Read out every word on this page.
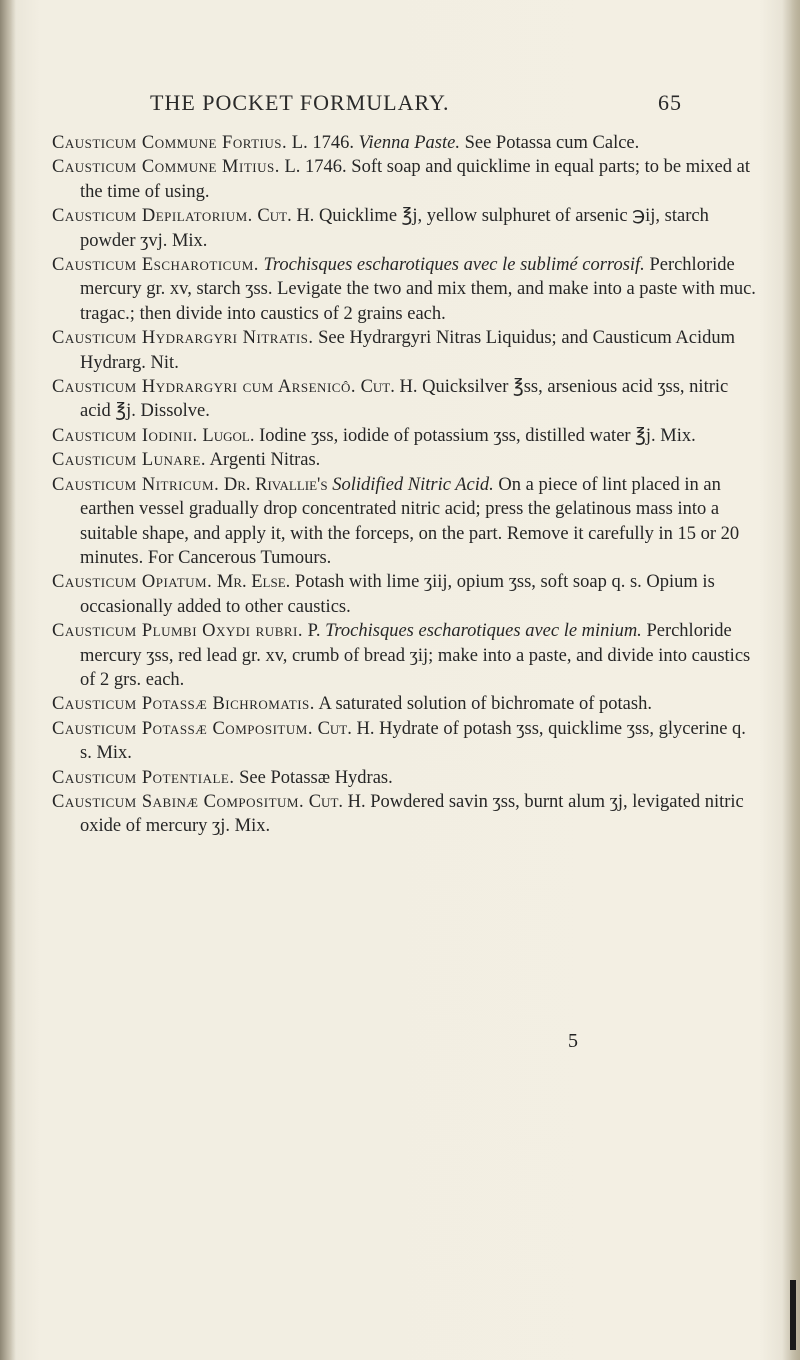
THE POCKET FORMULARY.	65

Causticum Commune Fortius. L. 1746. Vienna Paste. See Potassa cum Calce.

Causticum Commune Mitius. L. 1746. Soft soap and quicklime in equal parts; to be mixed at the time of using.

Causticum Depilatorium. Cut. H. Quicklime ℥j, yellow sulphuret of arsenic ℈ij, starch powder ʒvj. Mix.

Causticum Escharoticum. Trochisques escharotiques avec le sublimé corrosif. Perchloride mercury gr. xv, starch ʒss. Levigate the two and mix them, and make into a paste with muc. tragac.; then divide into caustics of 2 grains each.

Causticum Hydrargyri Nitratis. See Hydrargyri Nitras Liquidus; and Causticum Acidum Hydrarg. Nit.

Causticum Hydrargyri cum Arsenicô. Cut. H. Quicksilver ℥ss, arsenious acid ʒss, nitric acid ℥j. Dissolve.

Causticum Iodinii. Lugol. Iodine ʒss, iodide of potassium ʒss, distilled water ℥j. Mix.

Causticum Lunare. Argenti Nitras.

Causticum Nitricum. Dr. Rivallie's Solidified Nitric Acid. On a piece of lint placed in an earthen vessel gradually drop concentrated nitric acid; press the gelatinous mass into a suitable shape, and apply it, with the forceps, on the part. Remove it carefully in 15 or 20 minutes. For Cancerous Tumours.

Causticum Opiatum. Mr. Else. Potash with lime ʒiij, opium ʒss, soft soap q. s. Opium is occasionally added to other caustics.

Causticum Plumbi Oxydi rubri. P. Trochisques escharotiques avec le minium. Perchloride mercury ʒss, red lead gr. xv, crumb of bread ʒij; make into a paste, and divide into caustics of 2 grs. each.

Causticum Potassæ Bichromatis. A saturated solution of bichromate of potash.

Causticum Potassæ Compositum. Cut. H. Hydrate of potash ʒss, quicklime ʒss, glycerine q. s. Mix.

Causticum Potentiale. See Potassæ Hydras.

Causticum Sabinæ Compositum. Cut. H. Powdered savin ʒss, burnt alum ʒj, levigated nitric oxide of mercury ʒj. Mix.

5
